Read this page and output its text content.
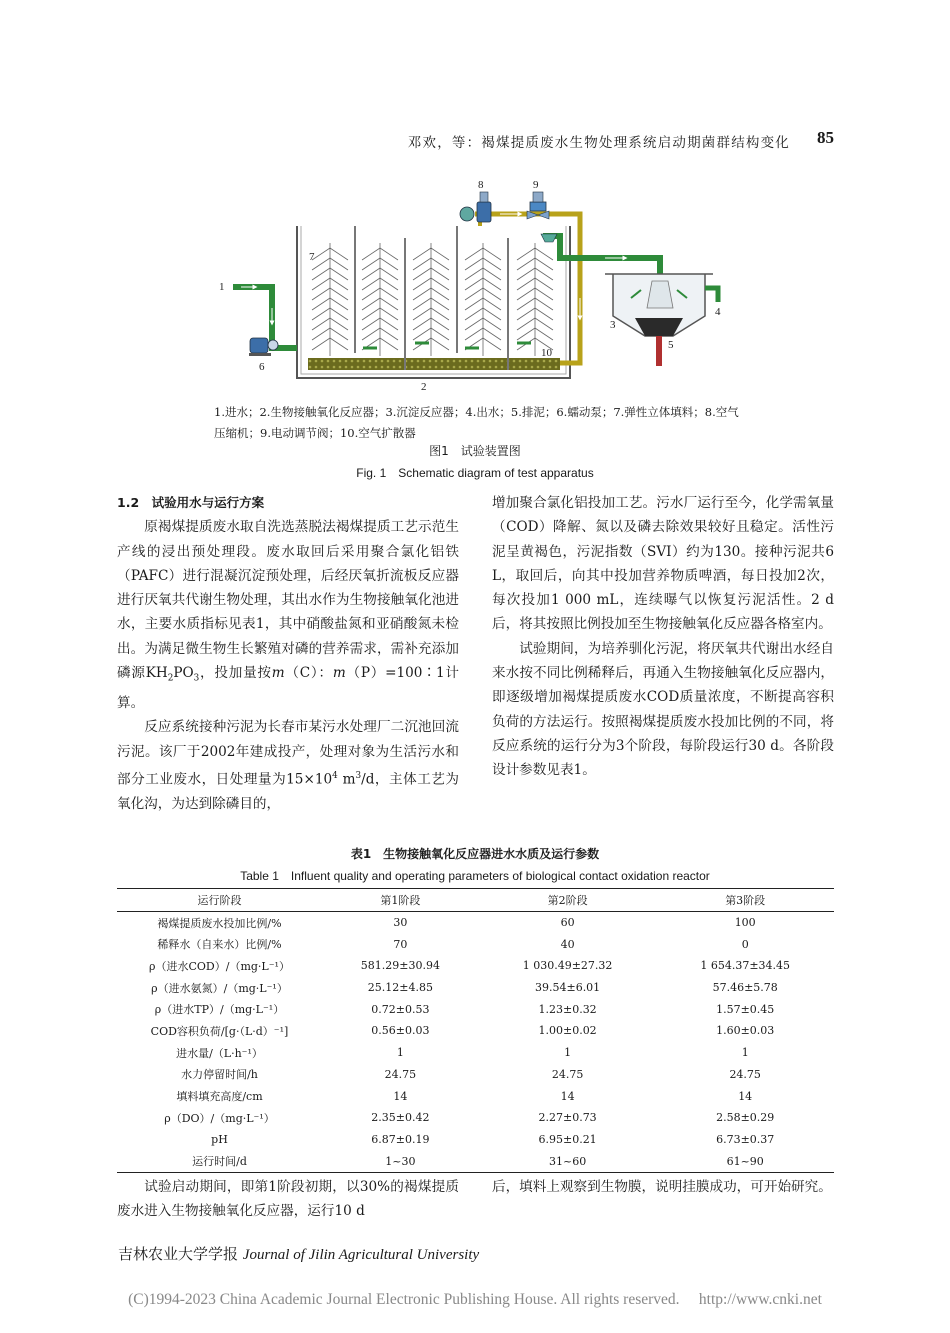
邓欢，等：褐煤提质废水生物处理系统启动期菌群结构变化 85
1
2
3
4
5
6
7
8	9
10
1.进水；2.生物接触氧化反应器；3.沉淀反应器；4.出水；5.排泥；6.蠕动泵；7.弹性立体填料；8.空气
压缩机；9.电动调节阀；10.空气扩散器
图1　试验装置图
Fig. 1　Schematic diagram of test apparatus

1.2　试验用水与运行方案

原褐煤提质废水取自洗选蒸脱法褐煤提质工艺示范生产线的浸出预处理段。废水取回后采用聚合氯化铝铁（PAFC）进行混凝沉淀预处理，后经厌氧折流板反应器进行厌氧共代谢生物处理，其出水作为生物接触氧化池进水，主要水质指标见表1，其中硝酸盐氮和亚硝酸氮未检出。为满足微生物生长繁殖对磷的营养需求，需补充添加磷源$KH_2PO_3$，投加量按m（C）：m（P）=100∶1计算。

反应系统接种污泥为长春市某污水处理厂二沉池回流污泥。该厂于2002年建成投产，处理对象为生活污水和部分工业废水，日处理量为$15\times 10^4$ $m^3/d$，主体工艺为氧化沟，为达到除磷目的，

增加聚合氯化铝投加工艺。污水厂运行至今，化学需氧量（COD）降解、氮以及磷去除效果较好且稳定。活性污泥呈黄褐色，污泥指数（SVI）约为130。接种污泥共6 L，取回后，向其中投加营养物质啤酒，每日投加2次，每次投加1 000 mL，连续曝气以恢复污泥活性。2 d后，将其按照比例投加至生物接触氧化反应器各格室内。

试验期间，为培养驯化污泥，将厌氧共代谢出水经自来水按不同比例稀释后，再通入生物接触氧化反应器内，即逐级增加褐煤提质废水COD质量浓度，不断提高容积负荷的方法运行。按照褐煤提质废水投加比例的不同，将反应系统的运行分为3个阶段，每阶段运行30 d。各阶段设计参数见表1。

表1　生物接触氧化反应器进水水质及运行参数
Table 1　Influent quality and operating parameters of biological contact oxidation reactor
运行阶段	第1阶段	第2阶段	第3阶段
褐煤提质废水投加比例/%	30	60	100
稀释水（自来水）比例/%	70	40	0
ρ（进水COD）/（mg·L⁻¹）	581.29±30.94	1 030.49±27.32	1 654.37±34.45
ρ（进水氨氮）/（mg·L⁻¹）	25.12±4.85	39.54±6.01	57.46±5.78
ρ（进水TP）/（mg·L⁻¹）	0.72±0.53	1.23±0.32	1.57±0.45
COD容积负荷/[g·（L·d）⁻¹]	0.56±0.03	1.00±0.02	1.60±0.03
进水量/（L·h⁻¹）	1	1	1
水力停留时间/h	24.75	24.75	24.75
填料填充高度/cm	14	14	14
ρ（DO）/（mg·L⁻¹）	2.35±0.42	2.27±0.73	2.58±0.29
pH	6.87±0.19	6.95±0.21	6.73±0.37
运行时间/d	1~30	31~60	61~90

试验启动期间，即第1阶段初期，以30%的褐煤提质废水进入生物接触氧化反应器，运行10 d

后，填料上观察到生物膜，说明挂膜成功，可开始研究。

吉林农业大学学报 Journal of Jilin Agricultural University
(C)1994-2023 China Academic Journal Electronic Publishing House. All rights reserved.　 http://www.cnki.net
